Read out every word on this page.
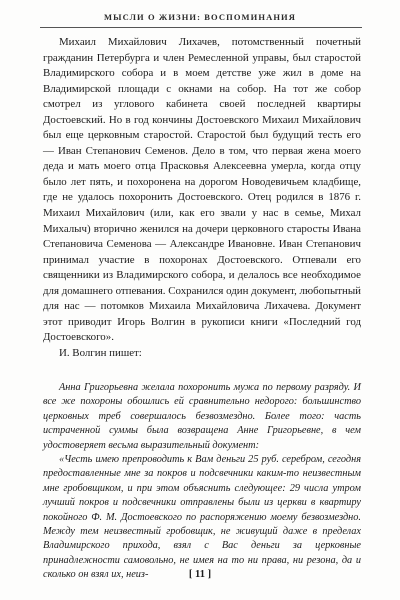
МЫСЛИ О ЖИЗНИ: ВОСПОМИНАНИЯ

Михаил Михайлович Лихачев, потомственный почетный гражданин Петербурга и член Ремесленной управы, был старостой Владимирского собора и в моем детстве уже жил в доме на Владимирской площади с окнами на собор. На тот же собор смотрел из углового кабинета своей последней квартиры Достоевский. Но в год кончины Достоевского Михаил Михайлович был еще церковным старостой. Старостой был будущий тесть его — Иван Степанович Семенов. Дело в том, что первая жена моего деда и мать моего отца Прасковья Алексеевна умерла, когда отцу было лет пять, и похоронена на дорогом Новодевичьем кладбище, где не удалось похоронить Достоевского. Отец родился в 1876 г. Михаил Михайлович (или, как его звали у нас в семье, Михал Михалыч) вторично женился на дочери церковного старосты Ивана Степановича Семенова — Александре Ивановне. Иван Степанович принимал участие в похоронах Достоевского. Отпевали его священники из Владимирского собора, и делалось все необходимое для домашнего отпевания. Сохранился один документ, любопытный для нас — потомков Михаила Михайловича Лихачева. Документ этот приводит Игорь Волгин в рукописи книги «Последний год Достоевского».

И. Волгин пишет:

Анна Григорьевна желала похоронить мужа по первому разряду. И все же похороны обошлись ей сравнительно недорого: большинство церковных треб совершалось безвозмездно. Более того: часть истраченной суммы была возвращена Анне Григорьевне, в чем удостоверяет весьма выразительный документ:

«Честь имею препроводить к Вам деньги 25 руб. серебром, сегодня предоставленные мне за покров и подсвечники каким-то неизвестным мне гробовщиком, и при этом объяснить следующее: 29 числа утром лучший покров и подсвечники отправлены были из церкви в квартиру покойного Ф. М. Достоевского по распоряжению моему безвозмездно. Между тем неизвестный гробовщик, не живущий даже в пределах Владимирского прихода, взял с Вас деньги за церковные принадлежности самовольно, не имея на то ни права, ни резона, да и сколько он взял их, неиз-	[ 11 ]
